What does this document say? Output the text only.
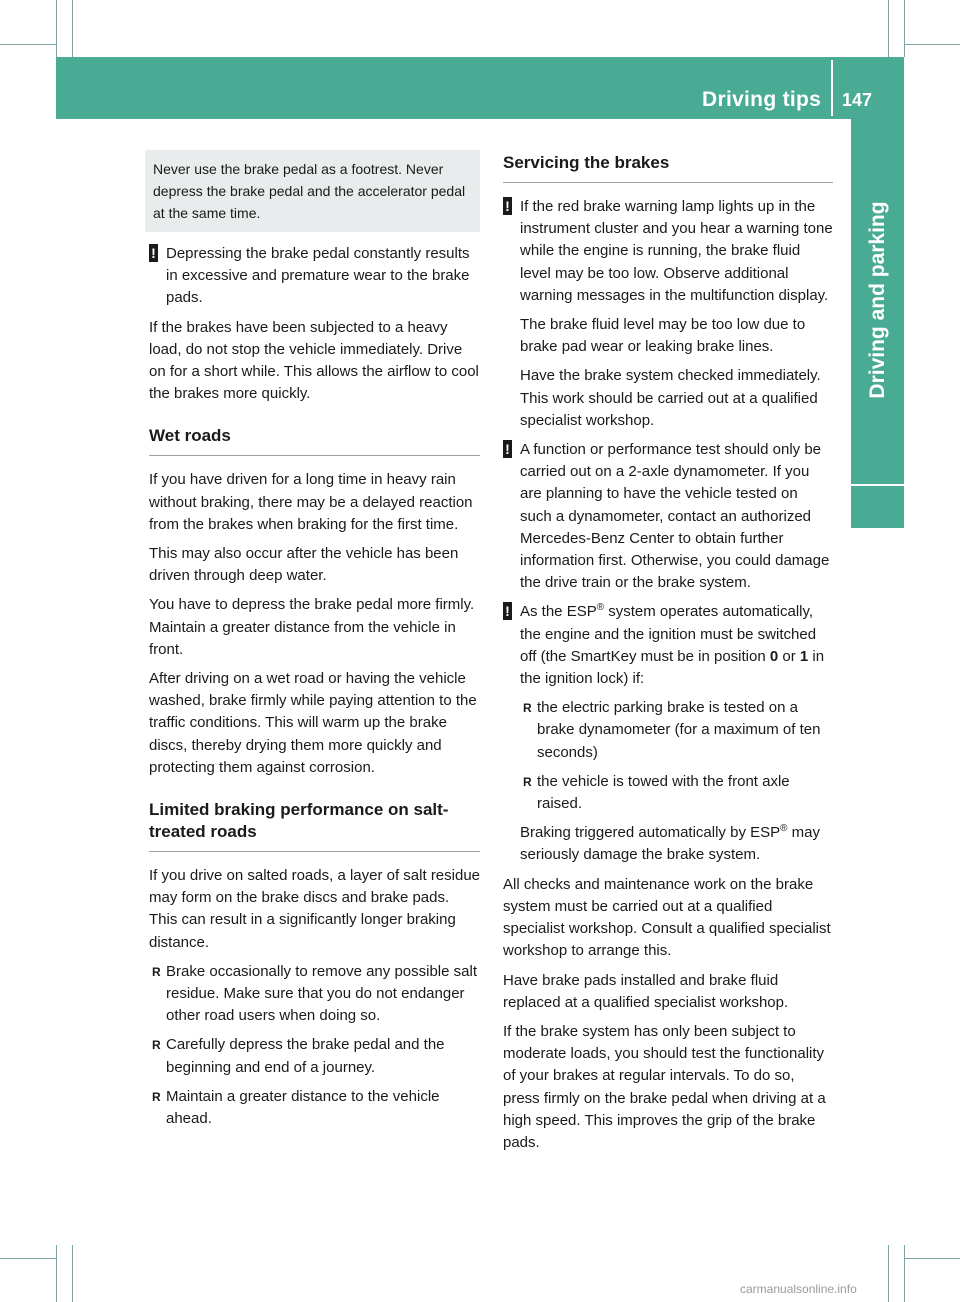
Driving tips 147
Driving and parking
Never use the brake pedal as a footrest. Never depress the brake pedal and the accelerator pedal at the same time.
! Depressing the brake pedal constantly results in excessive and premature wear to the brake pads.

If the brakes have been subjected to a heavy load, do not stop the vehicle immediately. Drive on for a short while. This allows the airflow to cool the brakes more quickly.

Wet roads

If you have driven for a long time in heavy rain without braking, there may be a delayed reaction from the brakes when braking for the first time.

This may also occur after the vehicle has been driven through deep water.

You have to depress the brake pedal more firmly. Maintain a greater distance from the vehicle in front.

After driving on a wet road or having the vehicle washed, brake firmly while paying attention to the traffic conditions. This will warm up the brake discs, thereby drying them more quickly and protecting them against corrosion.

Limited braking performance on salt-treated roads

If you drive on salted roads, a layer of salt residue may form on the brake discs and brake pads. This can result in a significantly longer braking distance.

R Brake occasionally to remove any possible salt residue. Make sure that you do not endanger other road users when doing so.
R Carefully depress the brake pedal and the beginning and end of a journey.
R Maintain a greater distance to the vehicle ahead.
Servicing the brakes
! If the red brake warning lamp lights up in the instrument cluster and you hear a warning tone while the engine is running, the brake fluid level may be too low. Observe additional warning messages in the multifunction display.

The brake fluid level may be too low due to brake pad wear or leaking brake lines.

Have the brake system checked immediately. This work should be carried out at a qualified specialist workshop.

! A function or performance test should only be carried out on a 2-axle dynamometer. If you are planning to have the vehicle tested on such a dynamometer, contact an authorized Mercedes-Benz Center to obtain further information first. Otherwise, you could damage the drive train or the brake system.

! As the ESP® system operates automatically, the engine and the ignition must be switched off (the SmartKey must be in position 0 or 1 in the ignition lock) if:

R the electric parking brake is tested on a brake dynamometer (for a maximum of ten seconds)
R the vehicle is towed with the front axle raised.

Braking triggered automatically by ESP® may seriously damage the brake system.

All checks and maintenance work on the brake system must be carried out at a qualified specialist workshop. Consult a qualified specialist workshop to arrange this.

Have brake pads installed and brake fluid replaced at a qualified specialist workshop.

If the brake system has only been subject to moderate loads, you should test the functionality of your brakes at regular intervals. To do so, press firmly on the brake pedal when driving at a high speed. This improves the grip of the brake pads.

carmanualsonline.info
